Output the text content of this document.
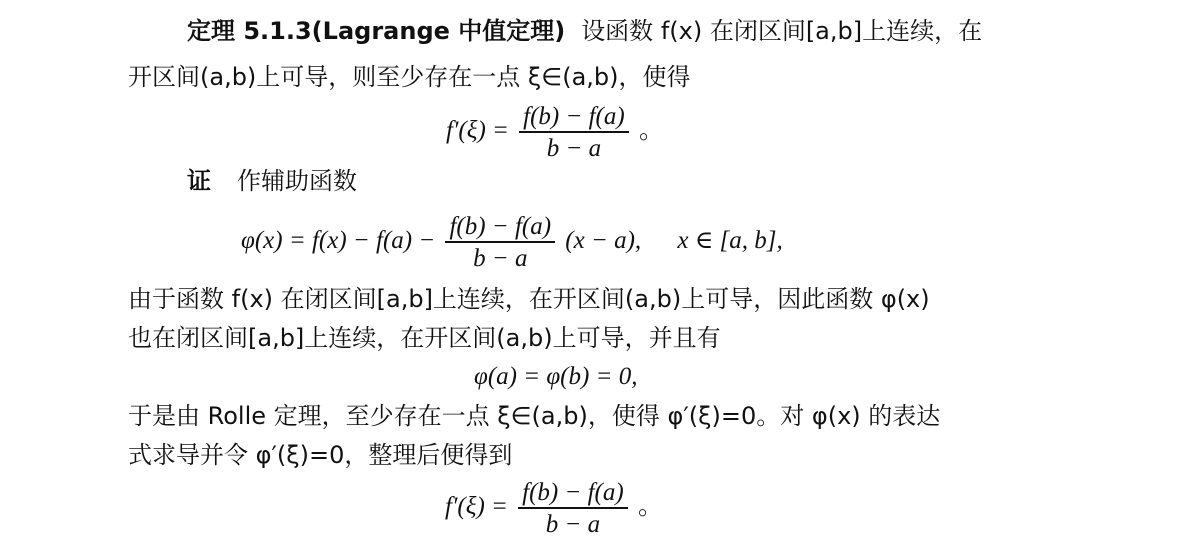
定理 5.1.3(Lagrange 中值定理) 设函数 f(x) 在闭区间[a,b]上连续，在
开区间(a,b)上可导，则至少存在一点 ξ∈(a,b)，使得
$f'(\xi) = \frac{f(b) - f(a)}{b - a}$ 。
证 作辅助函数
$\varphi(x) = f(x) - f(a) - \frac{f(b) - f(a)}{b - a} (x - a)$, x ∈ [a, b],
由于函数 f(x) 在闭区间[a,b]上连续，在开区间(a,b)上可导，因此函数 φ(x)
也在闭区间[a,b]上连续，在开区间(a,b)上可导，并且有
φ(a) = φ(b) = 0,
于是由 Rolle 定理，至少存在一点 ξ∈(a,b)，使得 φ′(ξ)=0。对 φ(x) 的表达
式求导并令 φ′(ξ)=0，整理后便得到
$f'(\xi) = \frac{f(b) - f(a)}{b - a}$ 。
